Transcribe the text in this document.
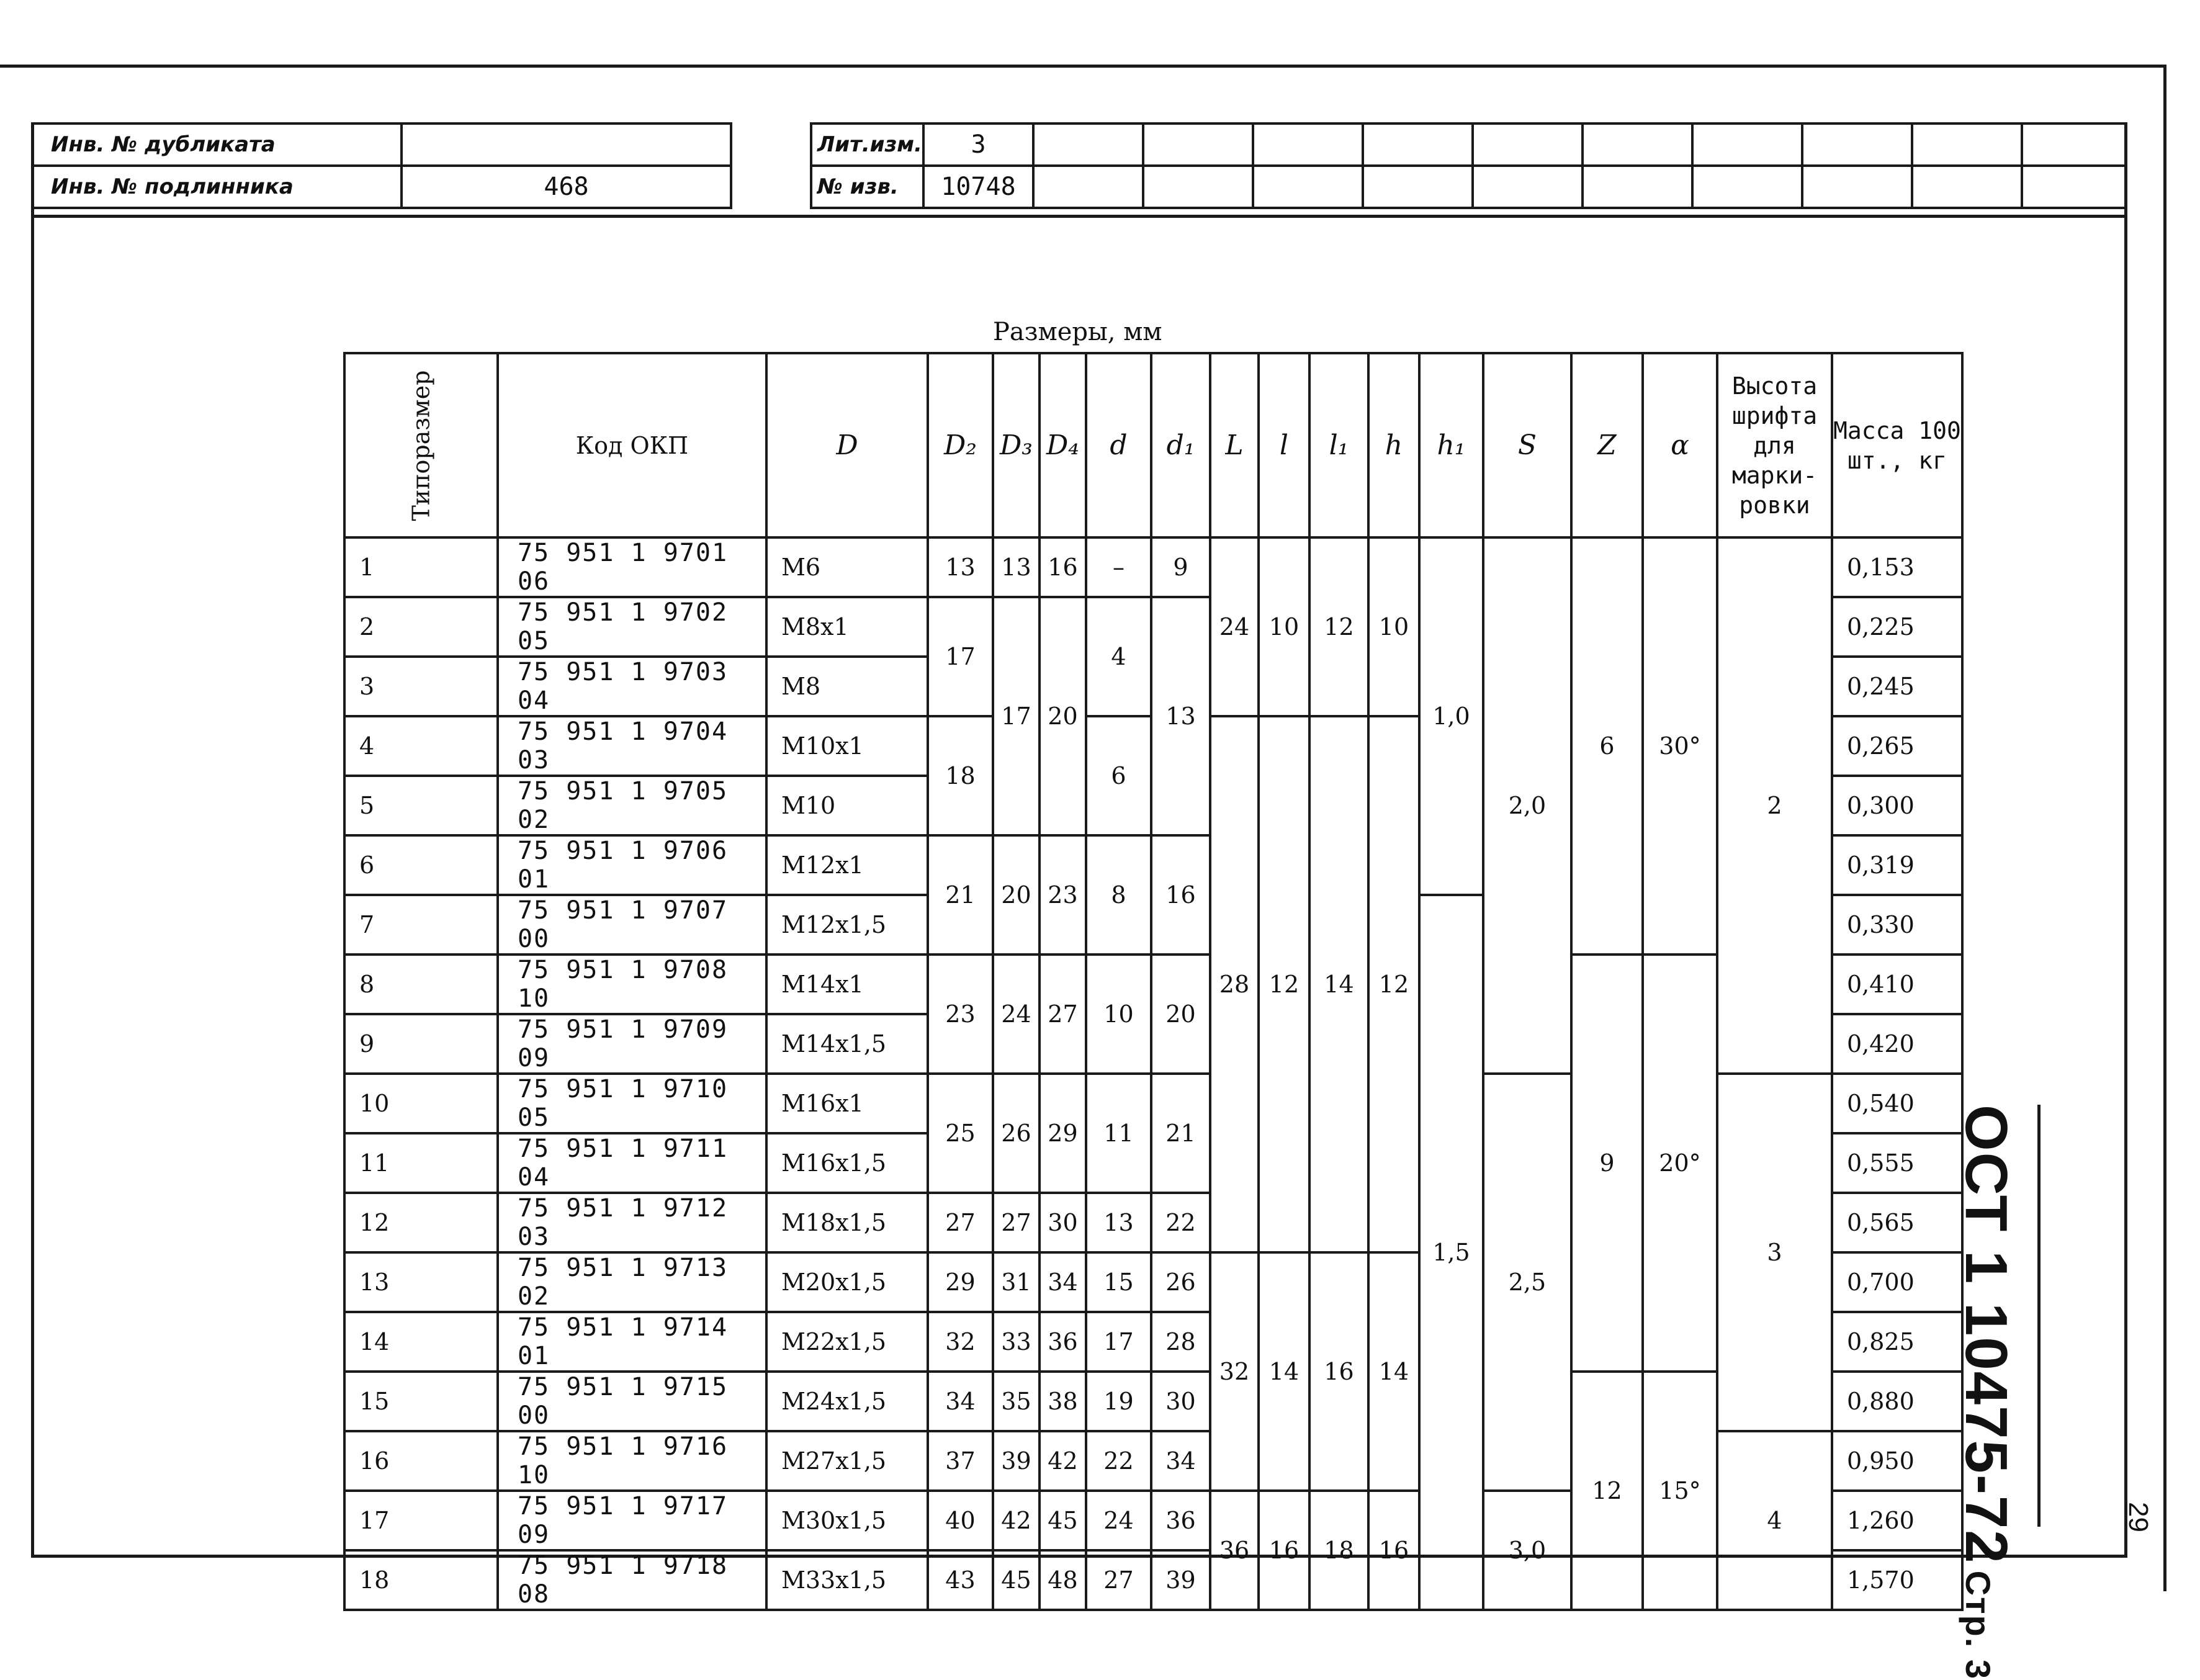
Инв. № дубликата	
Инв. № подлинника	468
Лит.изм.	3										
№ изв.	10748										
Размеры, мм
Типоразмер	Код ОКП	D	D₂	D₃	D₄	d	d₁	L	l	l₁	h	h₁	S	Z	α	Высота шрифта для марки-ровки	Масса 100 шт., кг
1	75 951 1 9701 06	M6	13	13	16	–	9	24	10	12	10	1,0	2,0	6	30°	2	0,153
2	75 951 1 9702 05	M8x1	17	17	20	4	13										0,225
3	75 951 1 9703 04	M8															0,245
4	75 951 1 9704 03	M10x1	18			6		28	12	14	12						0,265
5	75 951 1 9705 02	M10															0,300
6	75 951 1 9706 01	M12x1	21	20	23	8	16										0,319
7	75 951 1 9707 00	M12x1,5										1,5					0,330
8	75 951 1 9708 10	M14x1	23	24	27	10	20							9	20°		0,410
9	75 951 1 9709 09	M14x1,5															0,420
10	75 951 1 9710 05	M16x1	25	26	29	11	21						2,5			3	0,540
11	75 951 1 9711 04	M16x1,5															0,555
12	75 951 1 9712 03	M18x1,5	27	27	30	13	22										0,565
13	75 951 1 9713 02	M20x1,5	29	31	34	15	26	32	14	16	14						0,700
14	75 951 1 9714 01	M22x1,5	32	33	36	17	28										0,825
15	75 951 1 9715 00	M24x1,5	34	35	38	19	30							12	15°		0,880
16	75 951 1 9716 10	M27x1,5	37	39	42	22	34									4	0,950
17	75 951 1 9717 09	M30x1,5	40	42	45	24	36	36	16	18	16		3,0				1,260
18	75 951 1 9718 08	M33x1,5	43	45	48	27	39										1,570
ОСТ 1 10475-72Стр. 3
29
